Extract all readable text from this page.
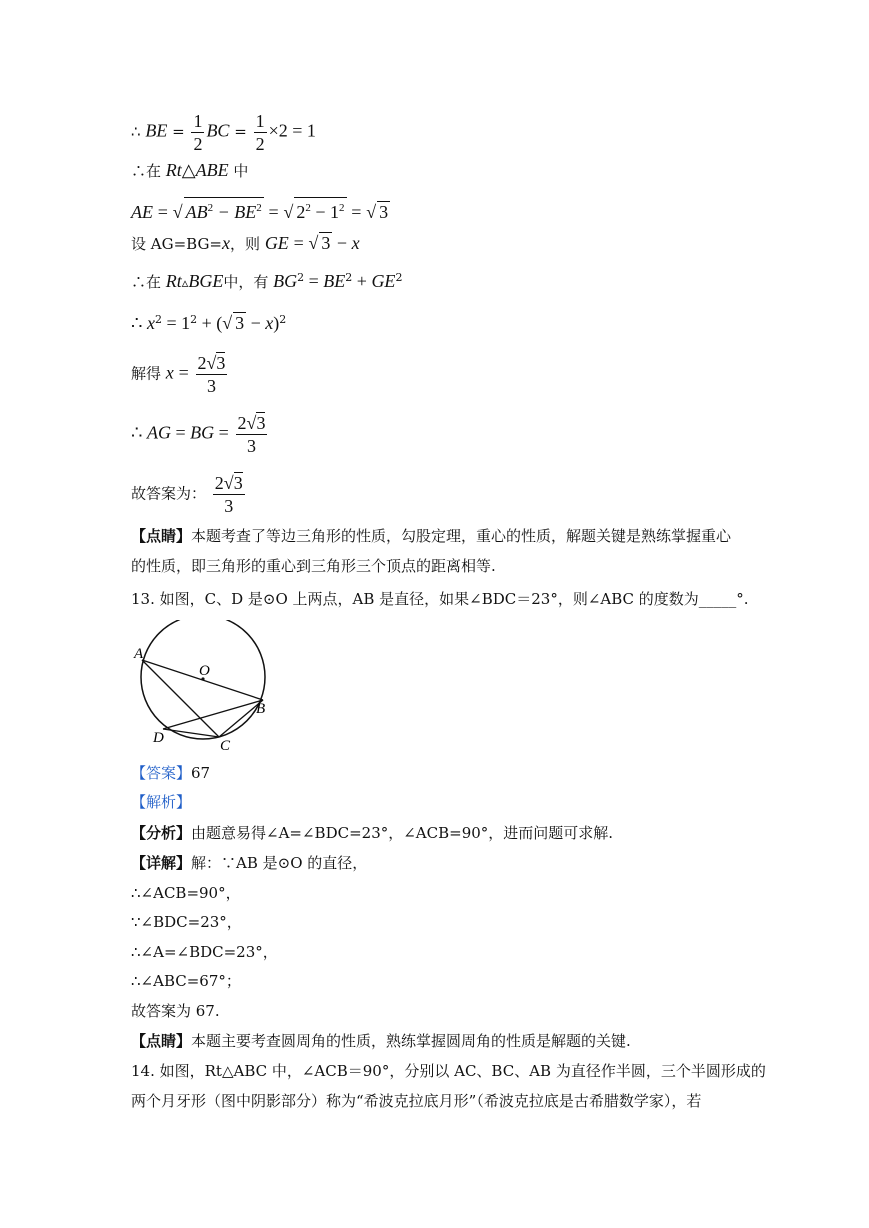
∴ BE = $\frac{1}{2}$ BC = $\frac{1}{2} \times 2 = 1$
∴在 Rt△ABE 中
AE = √ $AB^2 - BE^2$ = √ $2^2 - 1^2$ = √ 3
设 AG=BG=x，则 GE = √ 3 − x
∴在 Rt▵BGE中，有 $BG^2 = BE^2 + GE^2$
∴ $x^2 = 1^2$ + (√ 3 − x)$^2$
解得 $x = \frac{2√3}{3}$
∴ AG = BG = $\frac{2√3}{3}$
故答案为： $\frac{2√3}{3}$
【点睛】本题考查了等边三角形的性质，勾股定理，重心的性质，解题关键是熟练掌握重心
的性质，即三角形的重心到三角形三个顶点的距离相等.
13. 如图，C、D 是⊙O 上两点，AB 是直径，如果∠BDC＝23°，则∠ABC 的度数为_____°.
A
O
B
C
D
【答案】67
【解析】
【分析】由题意易得∠A=∠BDC=23°，∠ACB=90°，进而问题可求解.
【详解】解：∵AB 是⊙O 的直径，
∴∠ACB=90°，
∵∠BDC=23°，
∴∠A=∠BDC=23°，
∴∠ABC=67°；
故答案为 67.
【点睛】本题主要考查圆周角的性质，熟练掌握圆周角的性质是解题的关键.
14. 如图，Rt△ABC 中，∠ACB＝90°，分别以 AC、BC、AB 为直径作半圆，三个半圆形成的
两个月牙形（图中阴影部分）称为“希波克拉底月形”（希波克拉底是古希腊数学家），若
